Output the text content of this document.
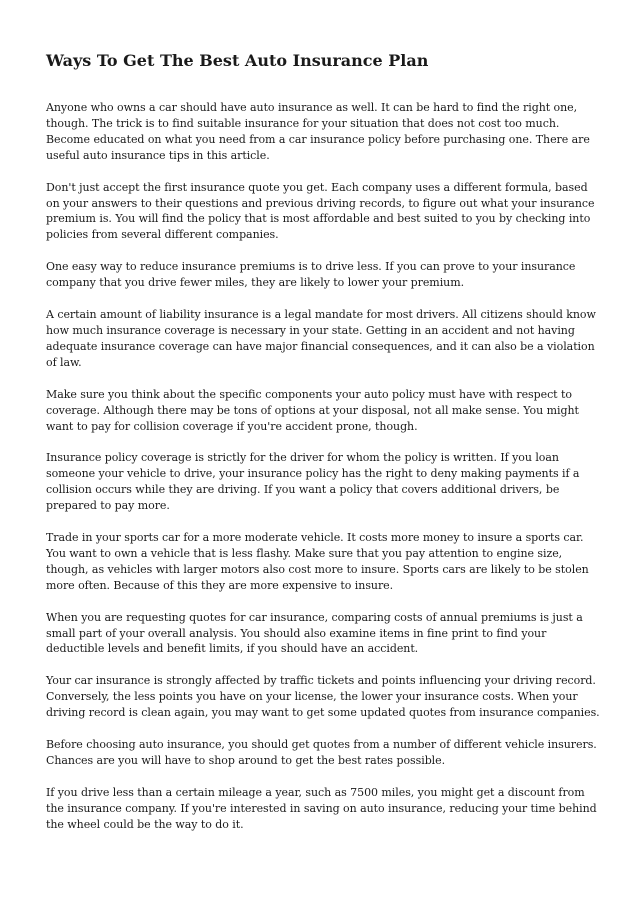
Ways To Get The Best Auto Insurance Plan

Anyone who owns a car should have auto insurance as well. It can be hard to find the right one, though. The trick is to find suitable insurance for your situation that does not cost too much. Become educated on what you need from a car insurance policy before purchasing one. There are useful auto insurance tips in this article.

Don't just accept the first insurance quote you get. Each company uses a different formula, based on your answers to their questions and previous driving records, to figure out what your insurance premium is. You will find the policy that is most affordable and best suited to you by checking into policies from several different companies.

One easy way to reduce insurance premiums is to drive less. If you can prove to your insurance company that you drive fewer miles, they are likely to lower your premium.

A certain amount of liability insurance is a legal mandate for most drivers. All citizens should know how much insurance coverage is necessary in your state. Getting in an accident and not having adequate insurance coverage can have major financial consequences, and it can also be a violation of law.

Make sure you think about the specific components your auto policy must have with respect to coverage. Although there may be tons of options at your disposal, not all make sense. You might want to pay for collision coverage if you're accident prone, though.

Insurance policy coverage is strictly for the driver for whom the policy is written. If you loan someone your vehicle to drive, your insurance policy has the right to deny making payments if a collision occurs while they are driving. If you want a policy that covers additional drivers, be prepared to pay more.

Trade in your sports car for a more moderate vehicle. It costs more money to insure a sports car. You want to own a vehicle that is less flashy. Make sure that you pay attention to engine size, though, as vehicles with larger motors also cost more to insure. Sports cars are likely to be stolen more often. Because of this they are more expensive to insure.

When you are requesting quotes for car insurance, comparing costs of annual premiums is just a small part of your overall analysis. You should also examine items in fine print to find your deductible levels and benefit limits, if you should have an accident.

Your car insurance is strongly affected by traffic tickets and points influencing your driving record. Conversely, the less points you have on your license, the lower your insurance costs. When your driving record is clean again, you may want to get some updated quotes from insurance companies.

Before choosing auto insurance, you should get quotes from a number of different vehicle insurers. Chances are you will have to shop around to get the best rates possible.

If you drive less than a certain mileage a year, such as 7500 miles, you might get a discount from the insurance company. If you're interested in saving on auto insurance, reducing your time behind the wheel could be the way to do it.
